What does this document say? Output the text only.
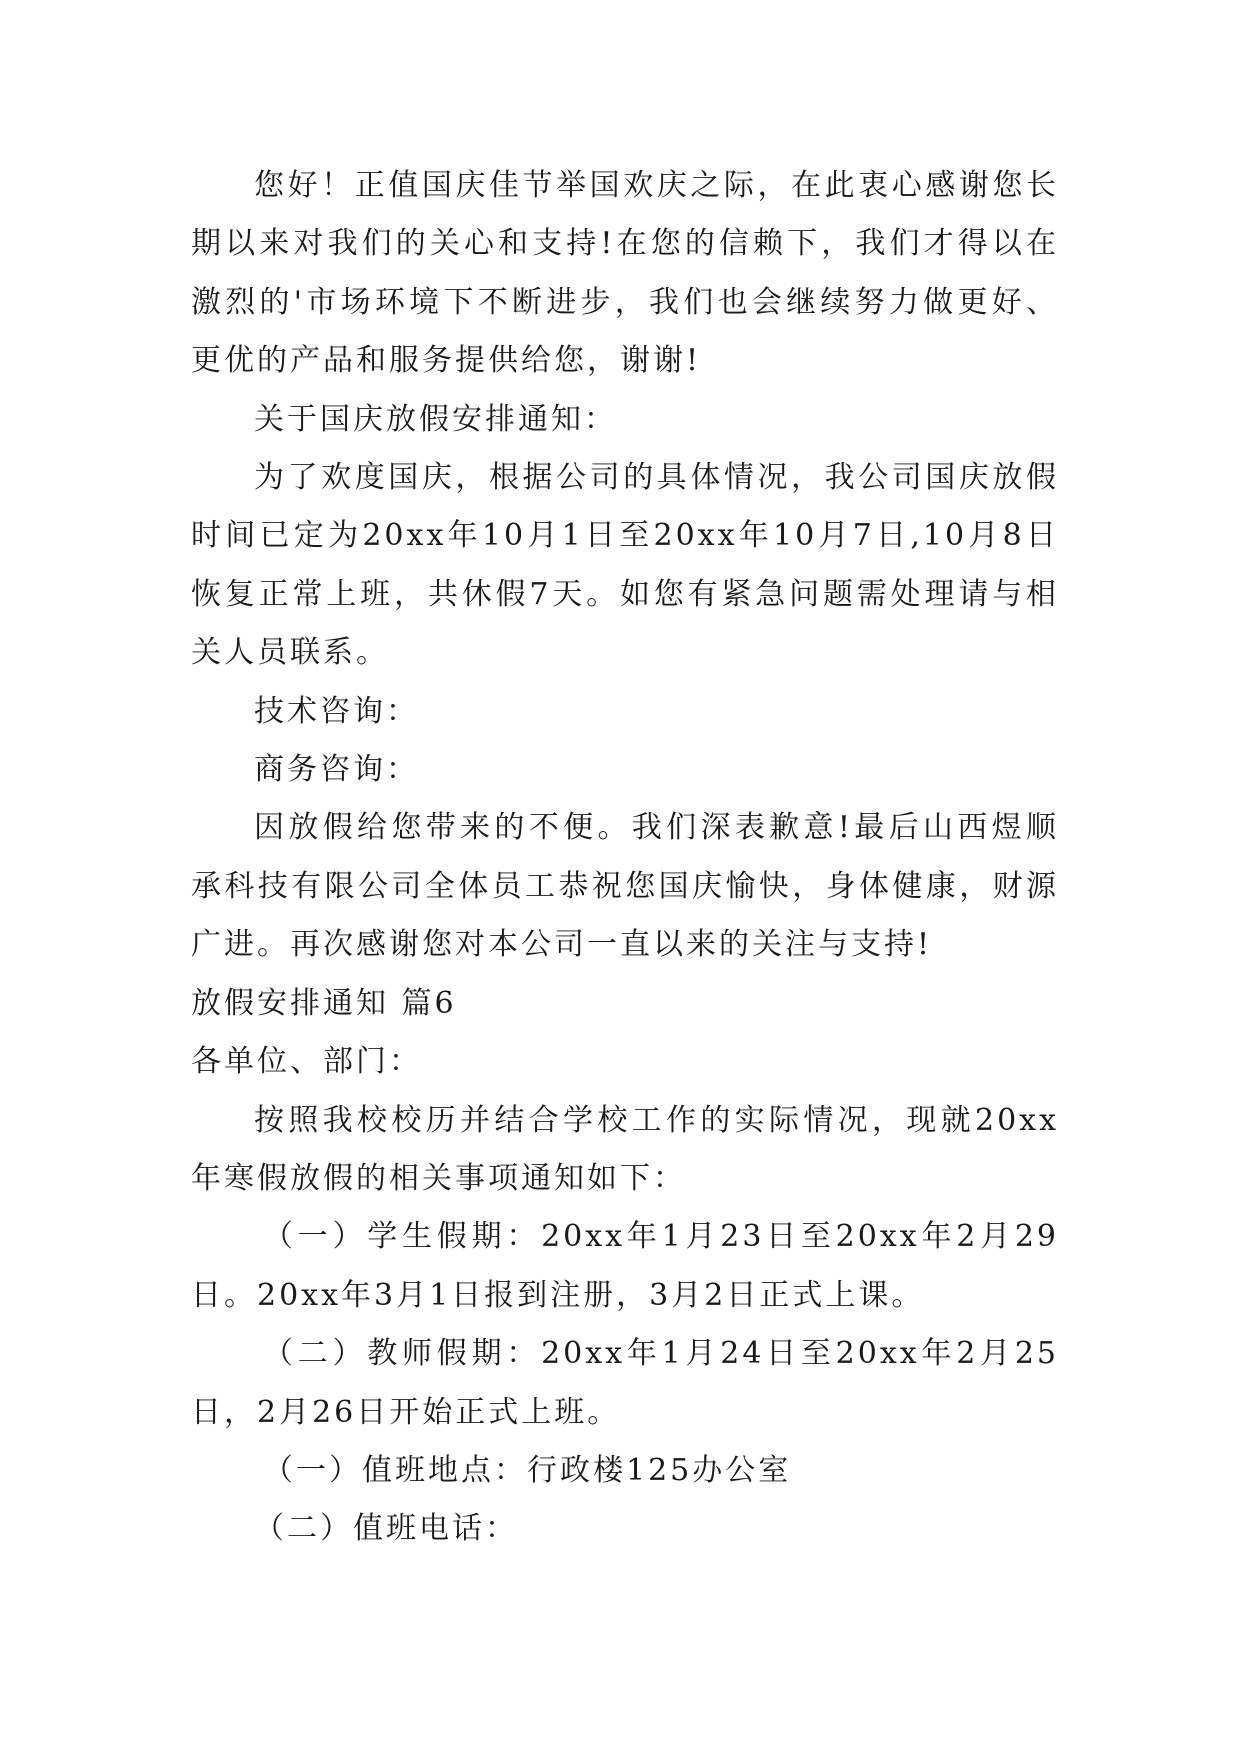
您好！正值国庆佳节举国欢庆之际，在此衷心感谢您长期以来对我们的关心和支持!在您的信赖下，我们才得以在激烈的'市场环境下不断进步，我们也会继续努力做更好、更优的产品和服务提供给您，谢谢!

关于国庆放假安排通知：

为了欢度国庆，根据公司的具体情况，我公司国庆放假时间已定为20xx年10月1日至20xx年10月7日,10月8日恢复正常上班，共休假7天。如您有紧急问题需处理请与相关人员联系。

技术咨询：

商务咨询：

因放假给您带来的不便。我们深表歉意!最后山西煜顺承科技有限公司全体员工恭祝您国庆愉快，身体健康，财源广进。再次感谢您对本公司一直以来的关注与支持!

放假安排通知 篇6

各单位、部门：

按照我校校历并结合学校工作的实际情况，现就20xx年寒假放假的相关事项通知如下：

（一）学生假期：20xx年1月23日至20xx年2月29日。20xx年3月1日报到注册，3月2日正式上课。

（二）教师假期：20xx年1月24日至20xx年2月25日，2月26日开始正式上班。

（一）值班地点：行政楼125办公室

（二）值班电话：
